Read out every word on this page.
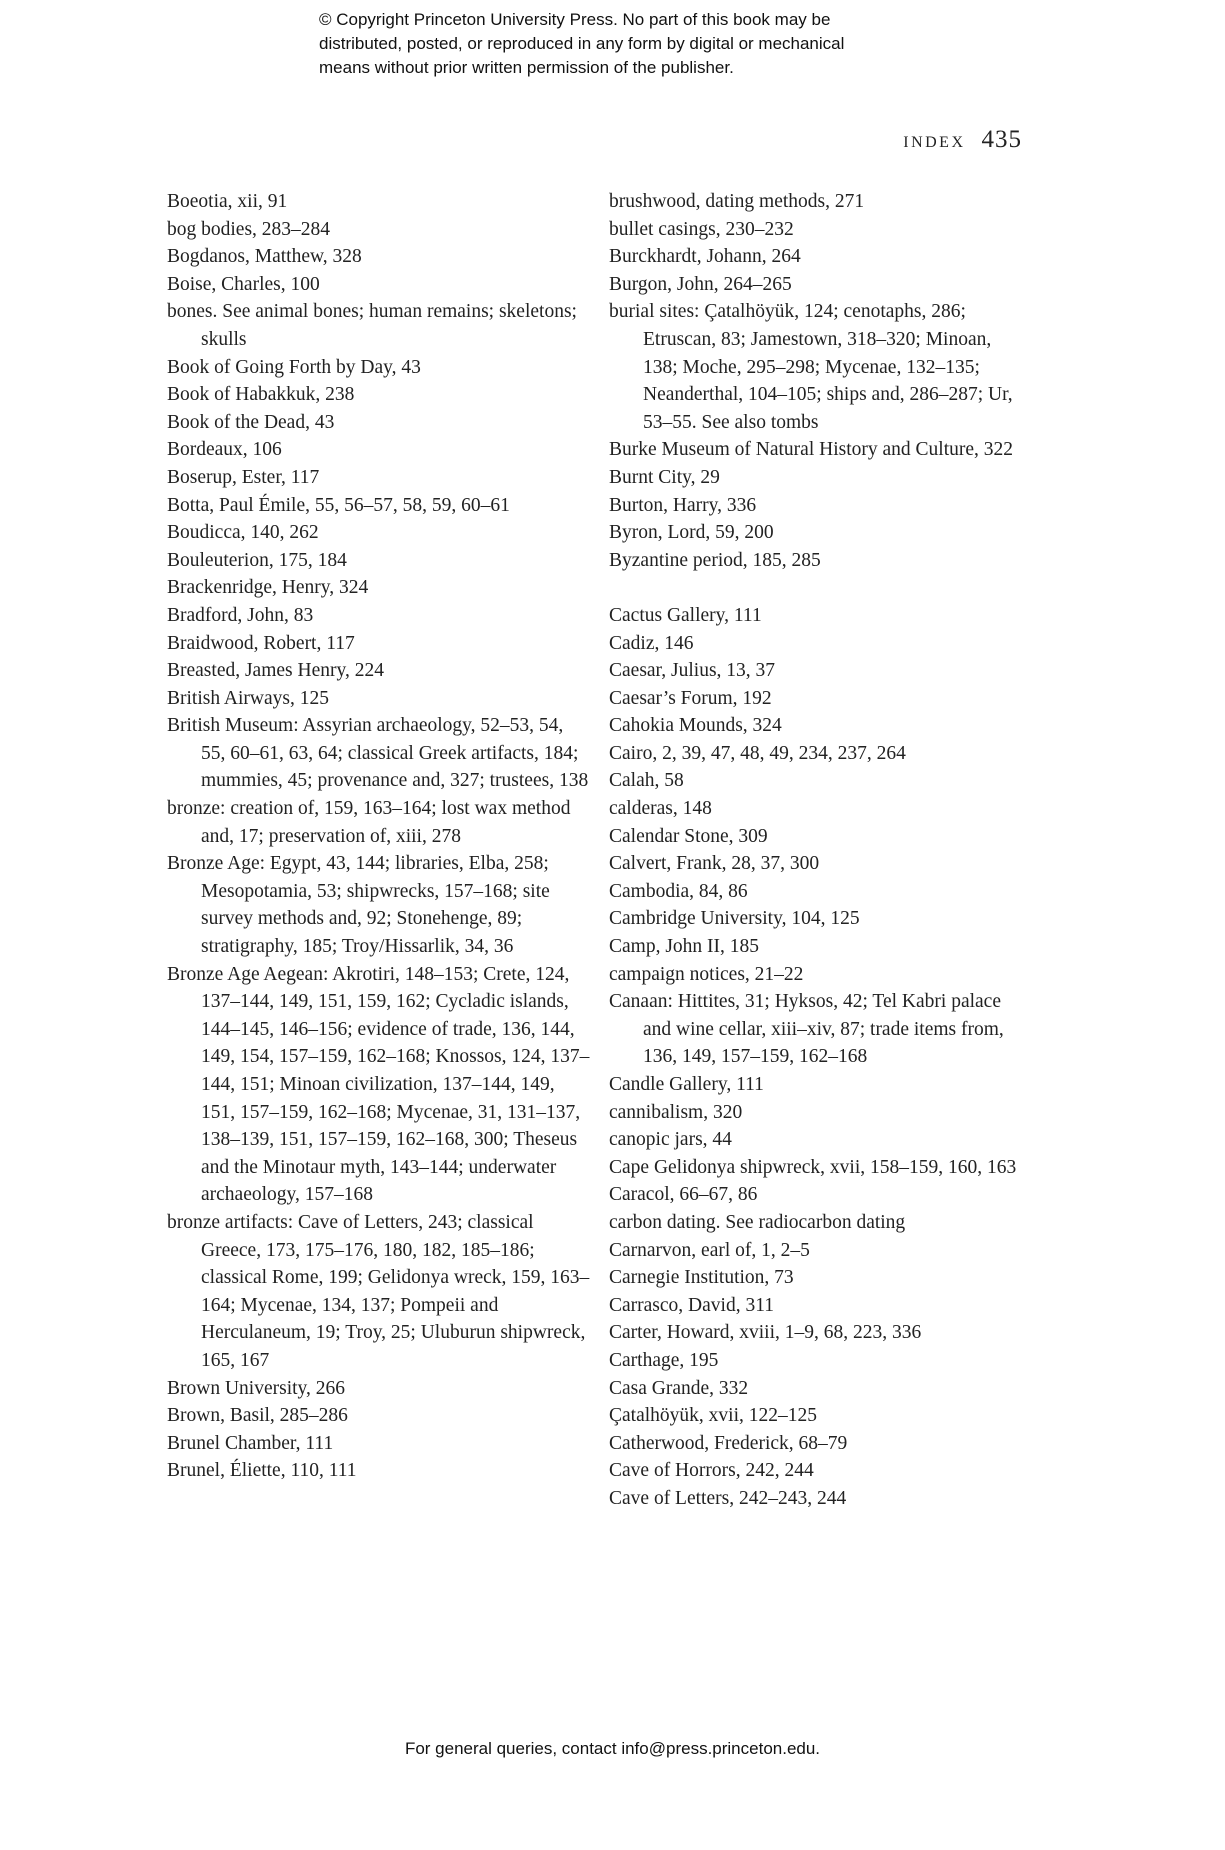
© Copyright Princeton University Press. No part of this book may be
distributed, posted, or reproduced in any form by digital or mechanical
means without prior written permission of the publisher.
INDEX 435
Boeotia, xii, 91
bog bodies, 283–284
Bogdanos, Matthew, 328
Boise, Charles, 100
bones. See animal bones; human remains; skeletons; skulls
Book of Going Forth by Day, 43
Book of Habakkuk, 238
Book of the Dead, 43
Bordeaux, 106
Boserup, Ester, 117
Botta, Paul Émile, 55, 56–57, 58, 59, 60–61
Boudicca, 140, 262
Bouleuterion, 175, 184
Brackenridge, Henry, 324
Bradford, John, 83
Braidwood, Robert, 117
Breasted, James Henry, 224
British Airways, 125
British Museum: Assyrian archaeology, 52–53, 54, 55, 60–61, 63, 64; classical Greek artifacts, 184; mummies, 45; provenance and, 327; trustees, 138
bronze: creation of, 159, 163–164; lost wax method and, 17; preservation of, xiii, 278
Bronze Age: Egypt, 43, 144; libraries, Elba, 258; Mesopotamia, 53; shipwrecks, 157–168; site survey methods and, 92; Stonehenge, 89; stratigraphy, 185; Troy/Hissarlik, 34, 36
Bronze Age Aegean: Akrotiri, 148–153; Crete, 124, 137–144, 149, 151, 159, 162; Cycladic islands, 144–145, 146–156; evidence of trade, 136, 144, 149, 154, 157–159, 162–168; Knossos, 124, 137–144, 151; Minoan civilization, 137–144, 149, 151, 157–159, 162–168; Mycenae, 31, 131–137, 138–139, 151, 157–159, 162–168, 300; Theseus and the Minotaur myth, 143–144; underwater archaeology, 157–168
bronze artifacts: Cave of Letters, 243; classical Greece, 173, 175–176, 180, 182, 185–186; classical Rome, 199; Gelidonya wreck, 159, 163–164; Mycenae, 134, 137; Pompeii and Herculaneum, 19; Troy, 25; Uluburun shipwreck, 165, 167
Brown University, 266
Brown, Basil, 285–286
Brunel Chamber, 111
Brunel, Éliette, 110, 111
brushwood, dating methods, 271
bullet casings, 230–232
Burckhardt, Johann, 264
Burgon, John, 264–265
burial sites: Çatalhöyük, 124; cenotaphs, 286; Etruscan, 83; Jamestown, 318–320; Minoan, 138; Moche, 295–298; Mycenae, 132–135; Neanderthal, 104–105; ships and, 286–287; Ur, 53–55. See also tombs
Burke Museum of Natural History and Culture, 322
Burnt City, 29
Burton, Harry, 336
Byron, Lord, 59, 200
Byzantine period, 185, 285
Cactus Gallery, 111
Cadiz, 146
Caesar, Julius, 13, 37
Caesar’s Forum, 192
Cahokia Mounds, 324
Cairo, 2, 39, 47, 48, 49, 234, 237, 264
Calah, 58
calderas, 148
Calendar Stone, 309
Calvert, Frank, 28, 37, 300
Cambodia, 84, 86
Cambridge University, 104, 125
Camp, John II, 185
campaign notices, 21–22
Canaan: Hittites, 31; Hyksos, 42; Tel Kabri palace and wine cellar, xiii–xiv, 87; trade items from, 136, 149, 157–159, 162–168
Candle Gallery, 111
cannibalism, 320
canopic jars, 44
Cape Gelidonya shipwreck, xvii, 158–159, 160, 163
Caracol, 66–67, 86
carbon dating. See radiocarbon dating
Carnarvon, earl of, 1, 2–5
Carnegie Institution, 73
Carrasco, David, 311
Carter, Howard, xviii, 1–9, 68, 223, 336
Carthage, 195
Casa Grande, 332
Çatalhöyük, xvii, 122–125
Catherwood, Frederick, 68–79
Cave of Horrors, 242, 244
Cave of Letters, 242–243, 244
For general queries, contact info@press.princeton.edu.
